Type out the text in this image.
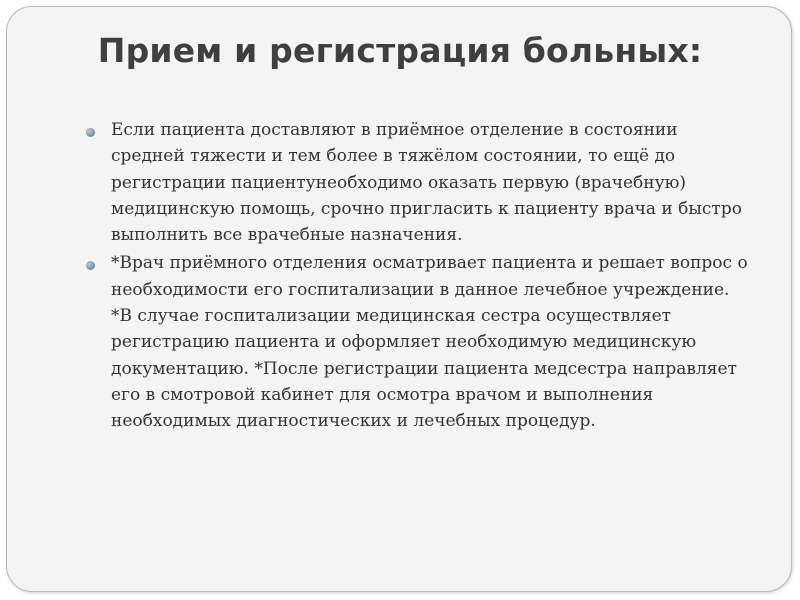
Прием и регистрация больных:
Если пациента доставляют в приёмное отделение в состоянии средней тяжести и тем более в тяжёлом состоянии, то ещё до регистрации пациентунеобходимо оказать первую (врачебную) медицинскую помощь, срочно пригласить к пациенту врача и быстро выполнить все врачебные назначения.
*Врач приёмного отделения осматривает пациента и решает вопрос о необходимости его госпитализации в данное лечебное учреждение. *В случае госпитализации медицинская сестра осуществляет регистрацию пациента и оформляет необходимую медицинскую документацию. *После регистрации пациента медсестра направляет его в смотровой кабинет для осмотра врачом и выполнения необходимых диагностических и лечебных процедур.
